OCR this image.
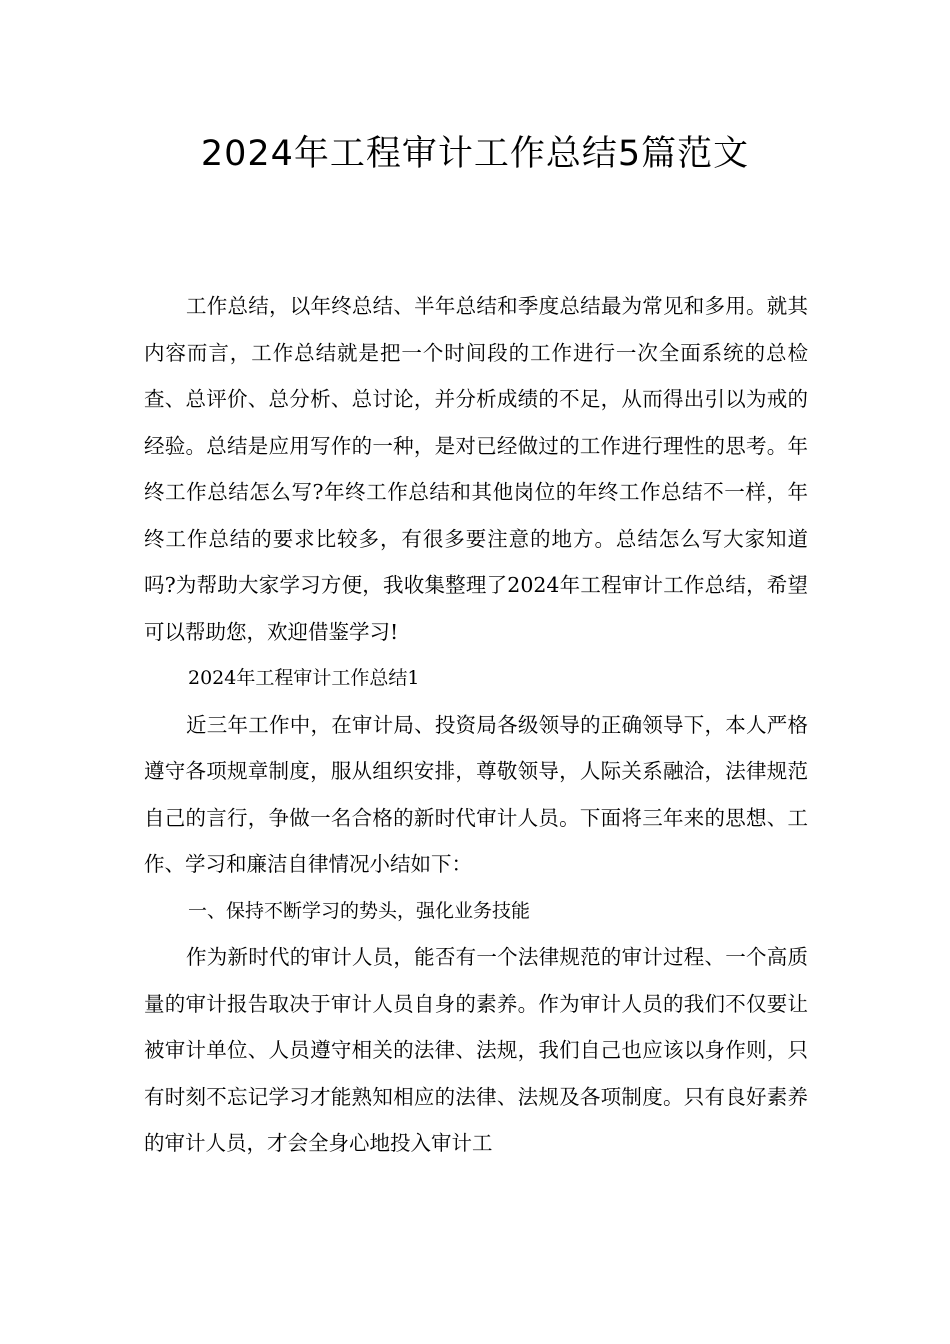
2024年工程审计工作总结5篇范文

工作总结，以年终总结、半年总结和季度总结最为常见和多用。就其内容而言，工作总结就是把一个时间段的工作进行一次全面系统的总检查、总评价、总分析、总讨论，并分析成绩的不足，从而得出引以为戒的经验。总结是应用写作的一种，是对已经做过的工作进行理性的思考。年终工作总结怎么写?年终工作总结和其他岗位的年终工作总结不一样，年终工作总结的要求比较多，有很多要注意的地方。总结怎么写大家知道吗?为帮助大家学习方便，我收集整理了2024年工程审计工作总结，希望可以帮助您，欢迎借鉴学习!

2024年工程审计工作总结1

近三年工作中，在审计局、投资局各级领导的正确领导下，本人严格遵守各项规章制度，服从组织安排，尊敬领导，人际关系融洽，法律规范自己的言行，争做一名合格的新时代审计人员。下面将三年来的思想、工作、学习和廉洁自律情况小结如下：

一、保持不断学习的势头，强化业务技能

作为新时代的审计人员，能否有一个法律规范的审计过程、一个高质量的审计报告取决于审计人员自身的素养。作为审计人员的我们不仅要让被审计单位、人员遵守相关的法律、法规，我们自己也应该以身作则，只有时刻不忘记学习才能熟知相应的法律、法规及各项制度。只有良好素养的审计人员，才会全身心地投入审计工
